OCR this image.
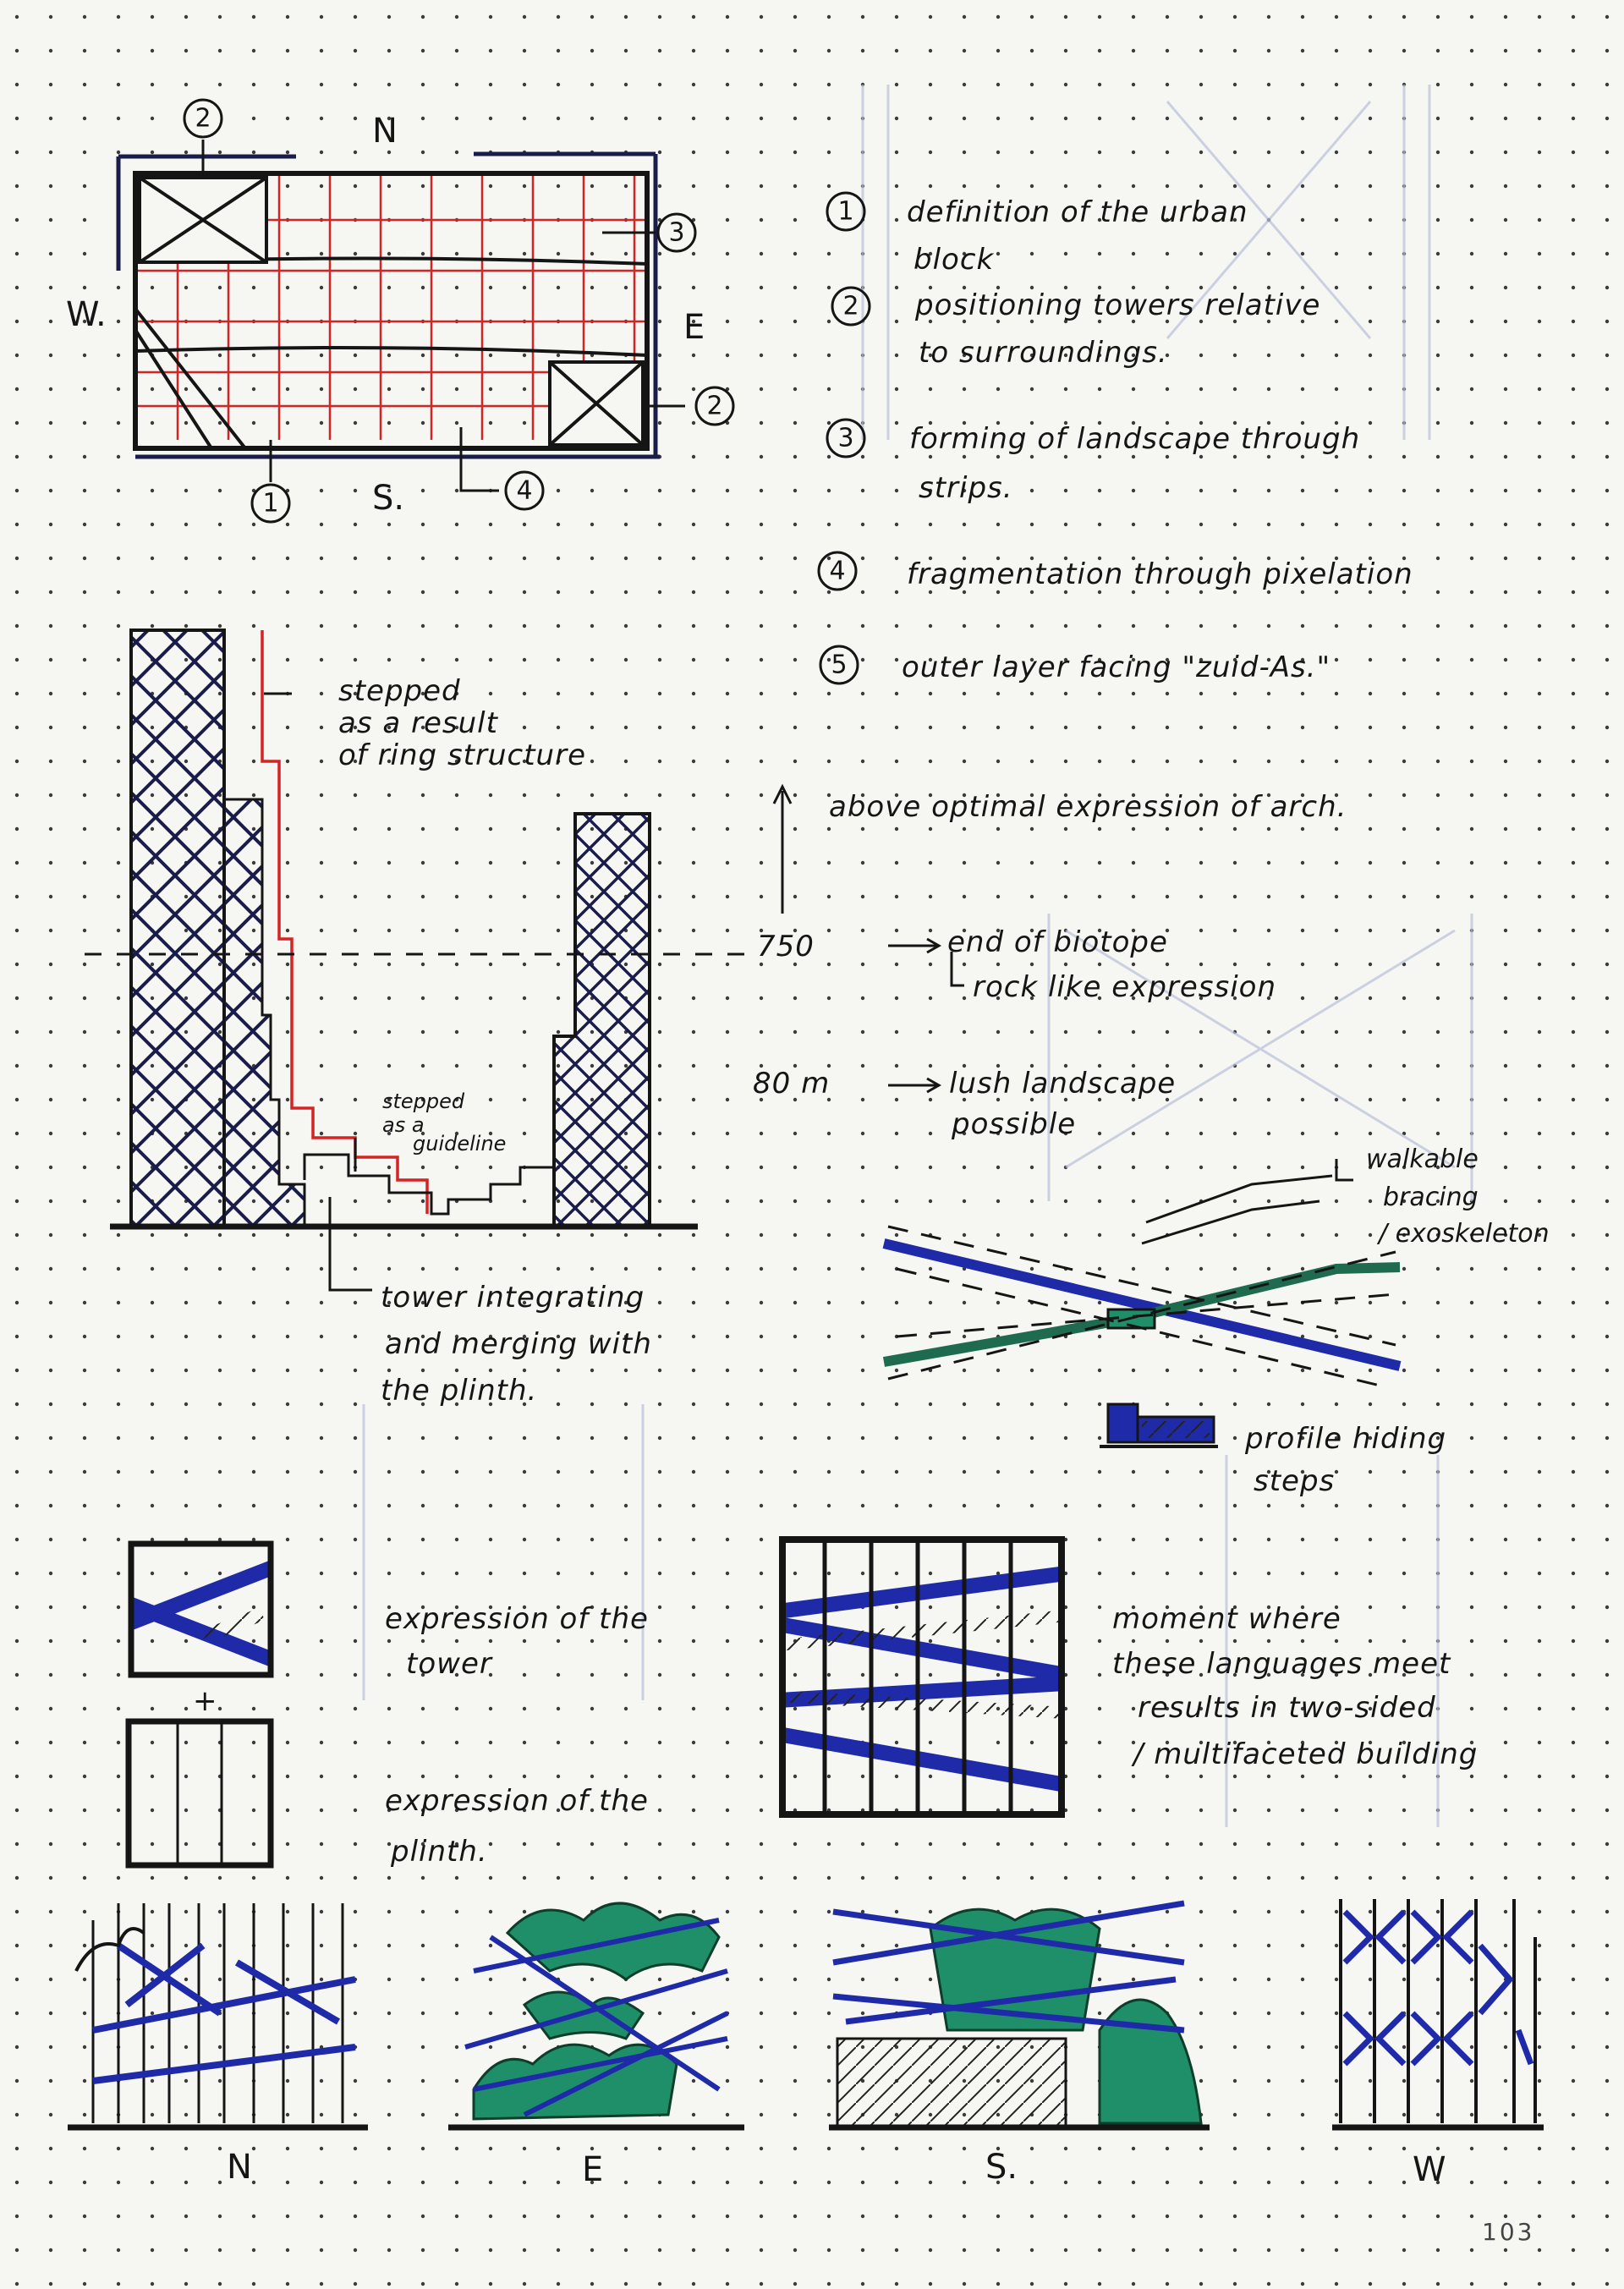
2
3
2
1	4
N
W.	E
S.
1
2
3
4
5
definition of the urban
block
positioning towers relative
to surroundings.
forming of landscape through
strips.
fragmentation through pixelation
outer layer facing "zuid-As."
stepped
as a result
of ring structure
above optimal expression of arch.
750	end of biotope
rock like expression
80 m	lush landscape
possible
stepped
as a
guideline
tower integrating
and merging with
the plinth.
walkable
bracing
/ exoskeleton
profile hiding
steps
+
expression of the
tower
expression of the
plinth.
moment where
these languages meet
results in two-sided
/ multifaceted building
N	E	S.	W
103
